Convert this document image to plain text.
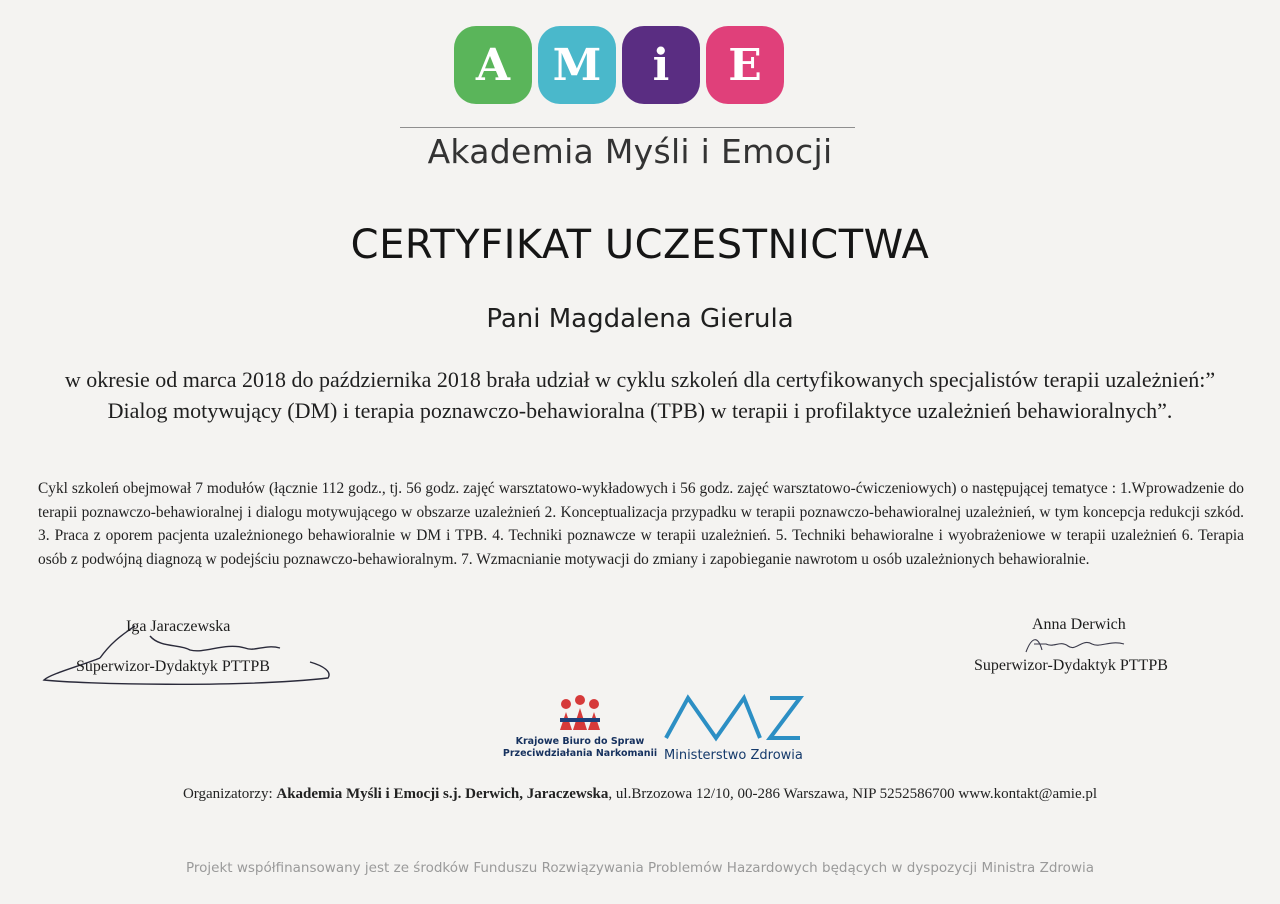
A M	i	E
Akademia Myśli i Emocji
CERTYFIKAT UCZESTNICTWA
Pani Magdalena Gierula
w okresie od marca 2018 do października 2018 brała udział w cyklu szkoleń dla certyfikowanych specjalistów terapii uzależnień:” Dialog motywujący (DM) i terapia poznawczo-behawioralna (TPB) w terapii i profilaktyce uzależnień behawioralnych”.
Cykl szkoleń obejmował 7 modułów (łącznie 112 godz., tj. 56 godz. zajęć warsztatowo-wykładowych i 56 godz. zajęć warsztatowo-ćwiczeniowych) o następującej tematyce : 1.Wprowadzenie do terapii poznawczo-behawioralnej i dialogu motywującego w obszarze uzależnień 2. Konceptualizacja przypadku w terapii poznawczo-behawioralnej uzależnień, w tym koncepcja redukcji szkód. 3. Praca z oporem pacjenta uzależnionego behawioralnie w DM i TPB. 4. Techniki poznawcze w terapii uzależnień. 5. Techniki behawioralne i wyobrażeniowe w terapii uzależnień 6. Terapia osób z podwójną diagnozą w podejściu poznawczo-behawioralnym. 7. Wzmacnianie motywacji do zmiany i zapobieganie nawrotom u osób uzależnionych behawioralnie.
Iga Jaraczewska
Superwizor-Dydaktyk PTTPB
Anna Derwich
Superwizor-Dydaktyk PTTPB
Krajowe Biuro do Spraw
Przeciwdziałania Narkomanii Ministerstwo Zdrowia
Organizatorzy: Akademia Myśli i Emocji s.j. Derwich, Jaraczewska, ul.Brzozowa 12/10, 00-286 Warszawa, NIP 5252586700 www.kontakt@amie.pl
Projekt współfinansowany jest ze środków Funduszu Rozwiązywania Problemów Hazardowych będących w dyspozycji Ministra Zdrowia
